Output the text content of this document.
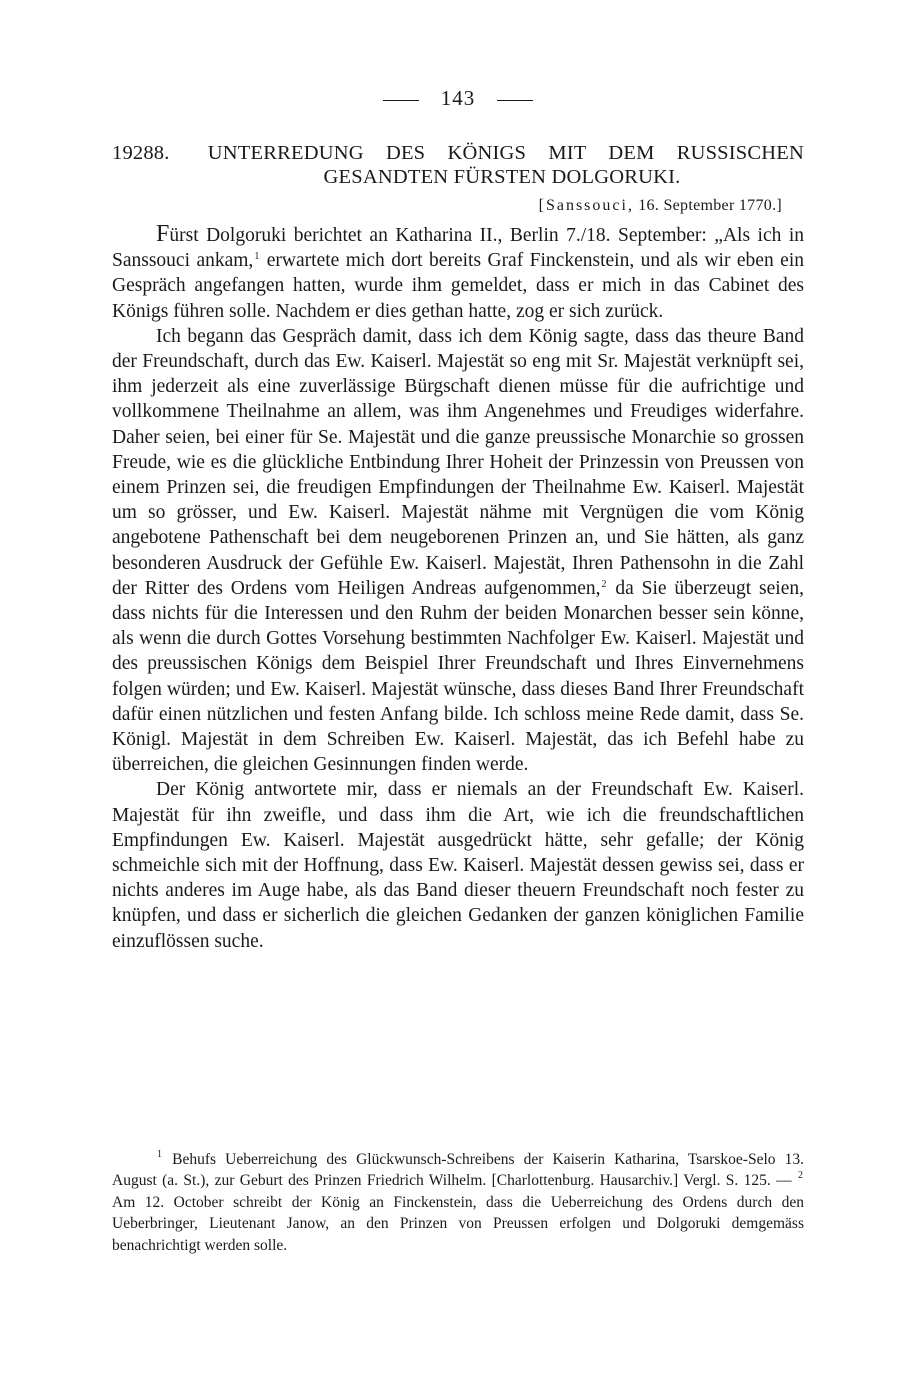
143
19288. UNTERREDUNG DES KÖNIGS MIT DEM RUSSISCHEN
GESANDTEN FÜRSTEN DOLGORUKI.
[Sanssouci, 16. September 1770.]

Fürst Dolgoruki berichtet an Katharina II., Berlin 7./18. September: „Als ich in Sanssouci ankam,$^1$ erwartete mich dort bereits Graf Finckenstein, und als wir eben ein Gespräch angefangen hatten, wurde ihm gemeldet, dass er mich in das Cabinet des Königs führen solle. Nachdem er dies gethan hatte, zog er sich zurück.

Ich begann das Gespräch damit, dass ich dem König sagte, dass das theure Band der Freundschaft, durch das Ew. Kaiserl. Majestät so eng mit Sr. Majestät verknüpft sei, ihm jederzeit als eine zuverlässige Bürgschaft dienen müsse für die aufrichtige und vollkommene Theilnahme an allem, was ihm Angenehmes und Freudiges widerfahre. Daher seien, bei einer für Se. Majestät und die ganze preussische Monarchie so grossen Freude, wie es die glückliche Entbindung Ihrer Hoheit der Prinzessin von Preussen von einem Prinzen sei, die freudigen Empfindungen der Theilnahme Ew. Kaiserl. Majestät um so grösser, und Ew. Kaiserl. Majestät nähme mit Vergnügen die vom König angebotene Pathenschaft bei dem neugeborenen Prinzen an, und Sie hätten, als ganz besonderen Ausdruck der Gefühle Ew. Kaiserl. Majestät, Ihren Pathensohn in die Zahl der Ritter des Ordens vom Heiligen Andreas aufgenommen,$^2$ da Sie überzeugt seien, dass nichts für die Interessen und den Ruhm der beiden Monarchen besser sein könne, als wenn die durch Gottes Vorsehung bestimmten Nachfolger Ew. Kaiserl. Majestät und des preussischen Königs dem Beispiel Ihrer Freundschaft und Ihres Einvernehmens folgen würden; und Ew. Kaiserl. Majestät wünsche, dass dieses Band Ihrer Freundschaft dafür einen nützlichen und festen Anfang bilde. Ich schloss meine Rede damit, dass Se. Königl. Majestät in dem Schreiben Ew. Kaiserl. Majestät, das ich Befehl habe zu überreichen, die gleichen Gesinnungen finden werde.

Der König antwortete mir, dass er niemals an der Freundschaft Ew. Kaiserl. Majestät für ihn zweifle, und dass ihm die Art, wie ich die freundschaftlichen Empfindungen Ew. Kaiserl. Majestät ausgedrückt hätte, sehr gefalle; der König schmeichle sich mit der Hoffnung, dass Ew. Kaiserl. Majestät dessen gewiss sei, dass er nichts anderes im Auge habe, als das Band dieser theuern Freundschaft noch fester zu knüpfen, und dass er sicherlich die gleichen Gedanken der ganzen königlichen Familie einzuflössen suche.

$^1$ Behufs Ueberreichung des Glückwunsch-Schreibens der Kaiserin Katharina, Tsarskoe-Selo 13. August (a. St.), zur Geburt des Prinzen Friedrich Wilhelm. [Charlottenburg. Hausarchiv.] Vergl. S. 125. — $^2$ Am 12. October schreibt der König an Finckenstein, dass die Ueberreichung des Ordens durch den Ueberbringer, Lieutenant Janow, an den Prinzen von Preussen erfolgen und Dolgoruki demgemäss benachrichtigt werden solle.
